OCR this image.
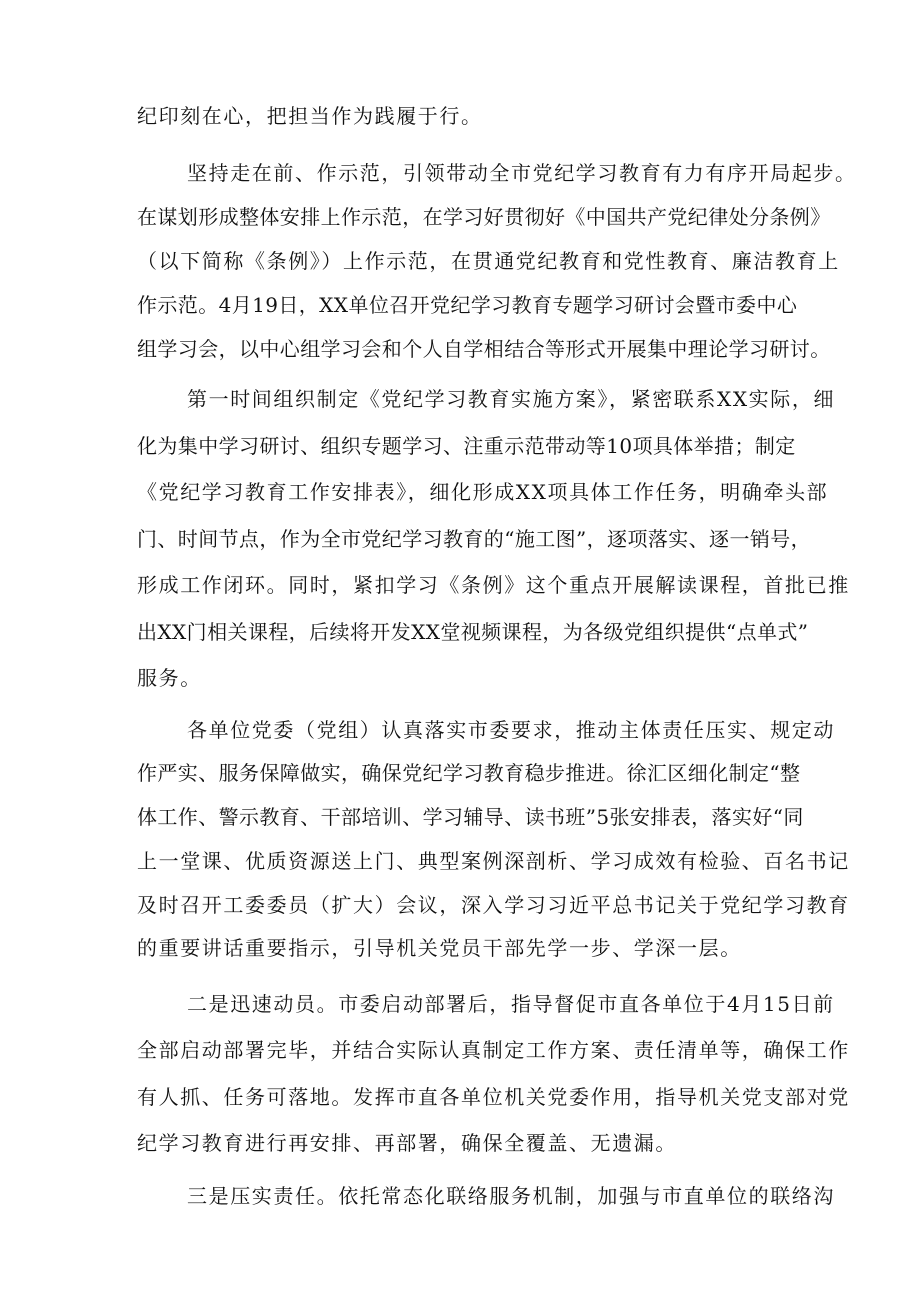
纪印刻在心，把担当作为践履于行。
坚持走在前、作示范，引领带动全市党纪学习教育有力有序开局起步。
在谋划形成整体安排上作示范，在学习好贯彻好《中国共产党纪律处分条例》
（以下简称《条例》）上作示范，在贯通党纪教育和党性教育、廉洁教育上
作示范。4月19日，XX单位召开党纪学习教育专题学习研讨会暨市委中心
组学习会，以中心组学习会和个人自学相结合等形式开展集中理论学习研讨。
第一时间组织制定《党纪学习教育实施方案》，紧密联系XX实际，细
化为集中学习研讨、组织专题学习、注重示范带动等10项具体举措；制定
《党纪学习教育工作安排表》，细化形成XX项具体工作任务，明确牵头部
门、时间节点，作为全市党纪学习教育的“施工图”，逐项落实、逐一销号，
形成工作闭环。同时，紧扣学习《条例》这个重点开展解读课程，首批已推
出XX门相关课程，后续将开发XX堂视频课程，为各级党组织提供“点单式”
服务。
各单位党委（党组）认真落实市委要求，推动主体责任压实、规定动
作严实、服务保障做实，确保党纪学习教育稳步推进。徐汇区细化制定“整
体工作、警示教育、干部培训、学习辅导、读书班”5张安排表，落实好“同
上一堂课、优质资源送上门、典型案例深剖析、学习成效有检验、百名书记
及时召开工委委员（扩大）会议，深入学习习近平总书记关于党纪学习教育
的重要讲话重要指示，引导机关党员干部先学一步、学深一层。
二是迅速动员。市委启动部署后，指导督促市直各单位于4月15日前
全部启动部署完毕，并结合实际认真制定工作方案、责任清单等，确保工作
有人抓、任务可落地。发挥市直各单位机关党委作用，指导机关党支部对党
纪学习教育进行再安排、再部署，确保全覆盖、无遗漏。
三是压实责任。依托常态化联络服务机制，加强与市直单位的联络沟
